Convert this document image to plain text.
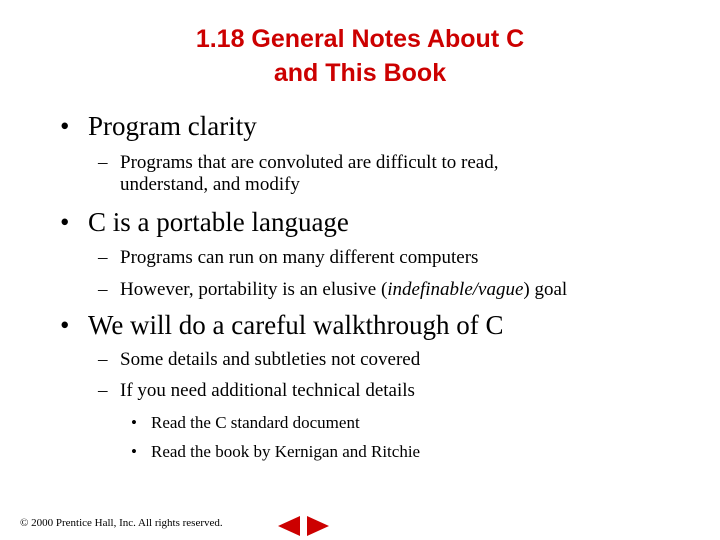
1.18 General Notes About C
and This Book
• Program clarity
– Programs that are convoluted are difficult to read,
understand, and modify
• C is a portable language
– Programs can run on many different computers
– However, portability is an elusive (indefinable/vague) goal
• We will do a careful walkthrough of C
– Some details and subtleties not covered
– If you need additional technical details
• Read the C standard document
• Read the book by Kernigan and Ritchie
© 2000 Prentice Hall, Inc. All rights reserved.
